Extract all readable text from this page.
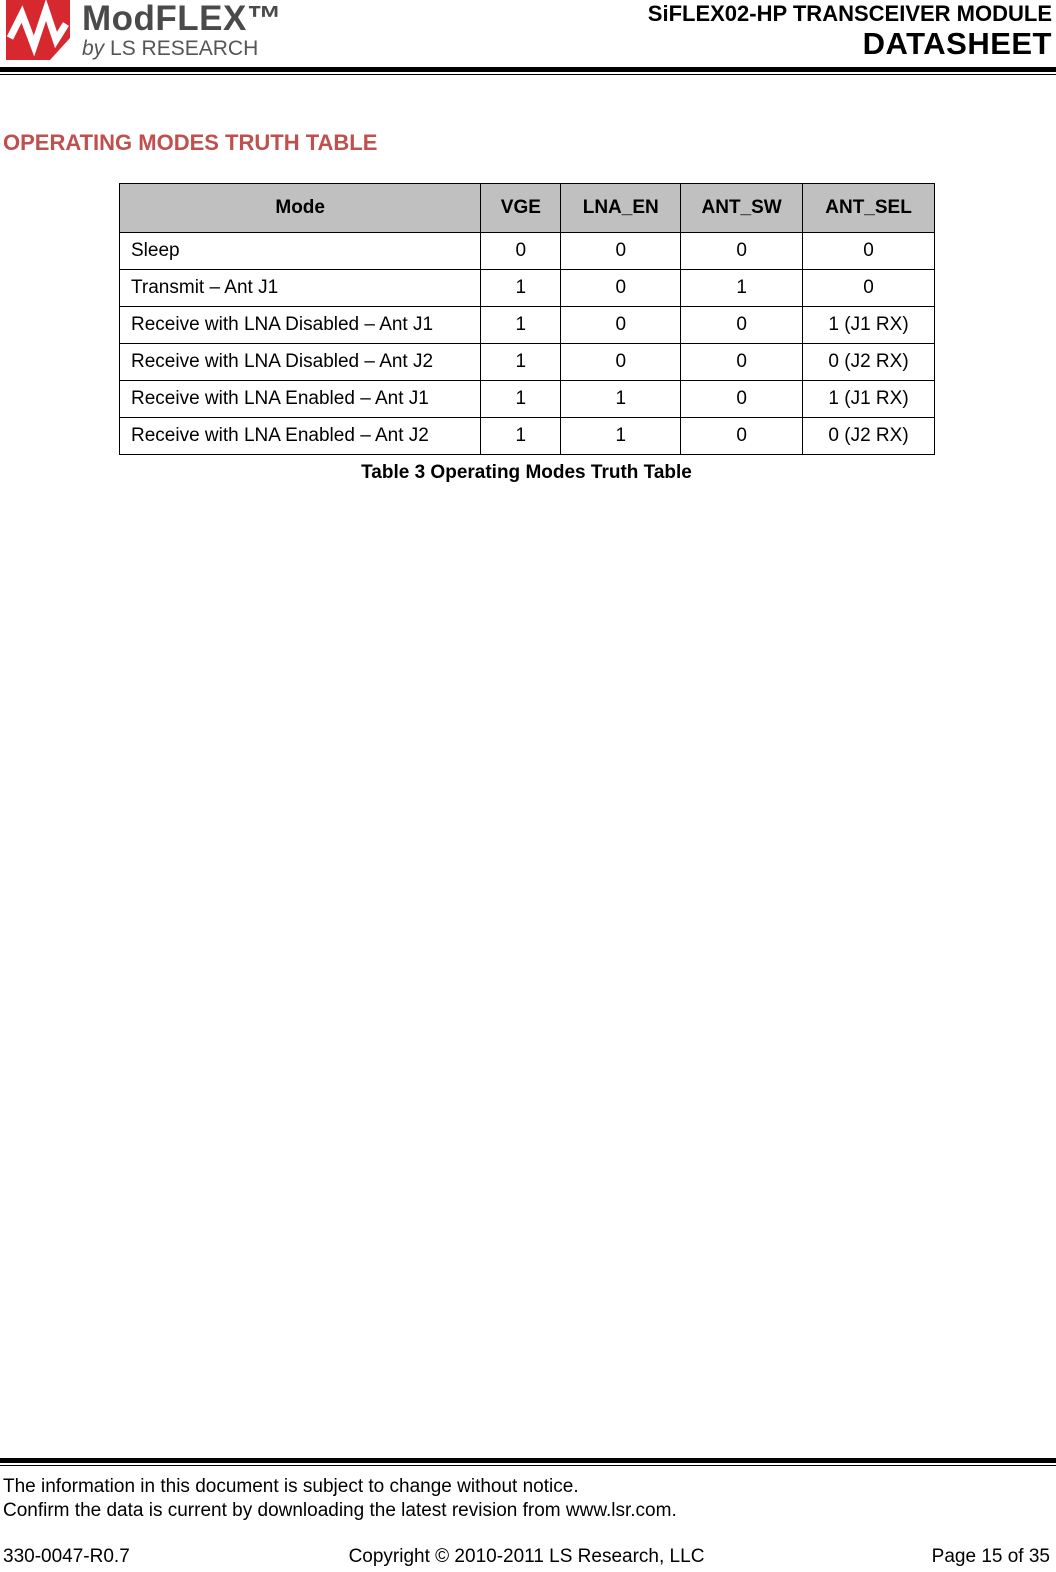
ModFLEX™
by LS RESEARCH
SiFLEX02-HP TRANSCEIVER MODULE
DATASHEET
OPERATING MODES TRUTH TABLE
Mode	VGE	LNA_EN	ANT_SW	ANT_SEL
Sleep	0	0	0	0
Transmit – Ant J1	1	0	1	0
Receive with LNA Disabled – Ant J1	1	0	0	1 (J1 RX)
Receive with LNA Disabled – Ant J2	1	0	0	0 (J2 RX)
Receive with LNA Enabled – Ant J1	1	1	0	1 (J1 RX)
Receive with LNA Enabled – Ant J2	1	1	0	0 (J2 RX)
Table 3 Operating Modes Truth Table
The information in this document is subject to change without notice.
Confirm the data is current by downloading the latest revision from www.lsr.com.
Copyright © 2010-2011 LS Research, LLC
330-0047-R0.7	Page 15 of 35
